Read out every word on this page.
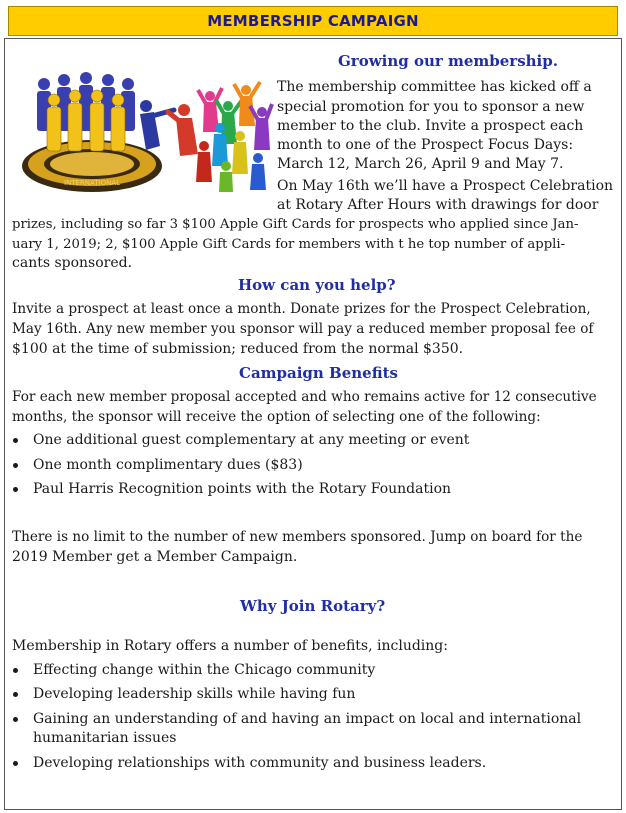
MEMBERSHIP CAMPAIGN
INTERNATIONAL

Growing our membership.

The membership committee has kicked off a

special promotion for you to sponsor a new

member to the club. Invite a prospect each

month to one of the Prospect Focus Days:

March 12, March 26, April 9 and May 7.

On May 16th we’ll have a Prospect Celebration

at Rotary After Hours with drawings for door

prizes, including so far 3 $100 Apple Gift Cards for prospects who applied since Jan-

uary 1, 2019; 2, $100 Apple Gift Cards for members with t he top number of appli-

cants sponsored.

How can you help?

Invite a prospect at least once a month. Donate prizes for the Prospect Celebration,

May 16th. Any new member you sponsor will pay a reduced member proposal fee of

$100 at the time of submission; reduced from the normal $350.

Campaign Benefits

For each new member proposal accepted and who remains active for 12 consecutive

months, the sponsor will receive the option of selecting one of the following:

One additional guest complementary at any meeting or event
One month complimentary dues ($83)
Paul Harris Recognition points with the Rotary Foundation

There is no limit to the number of new members sponsored. Jump on board for the

2019 Member get a Member Campaign.

Why Join Rotary?

Membership in Rotary offers a number of benefits, including:

Effecting change within the Chicago community
Developing leadership skills while having fun
Gaining an understanding of and having an impact on local and international

humanitarian issues

Developing relationships with community and business leaders.
